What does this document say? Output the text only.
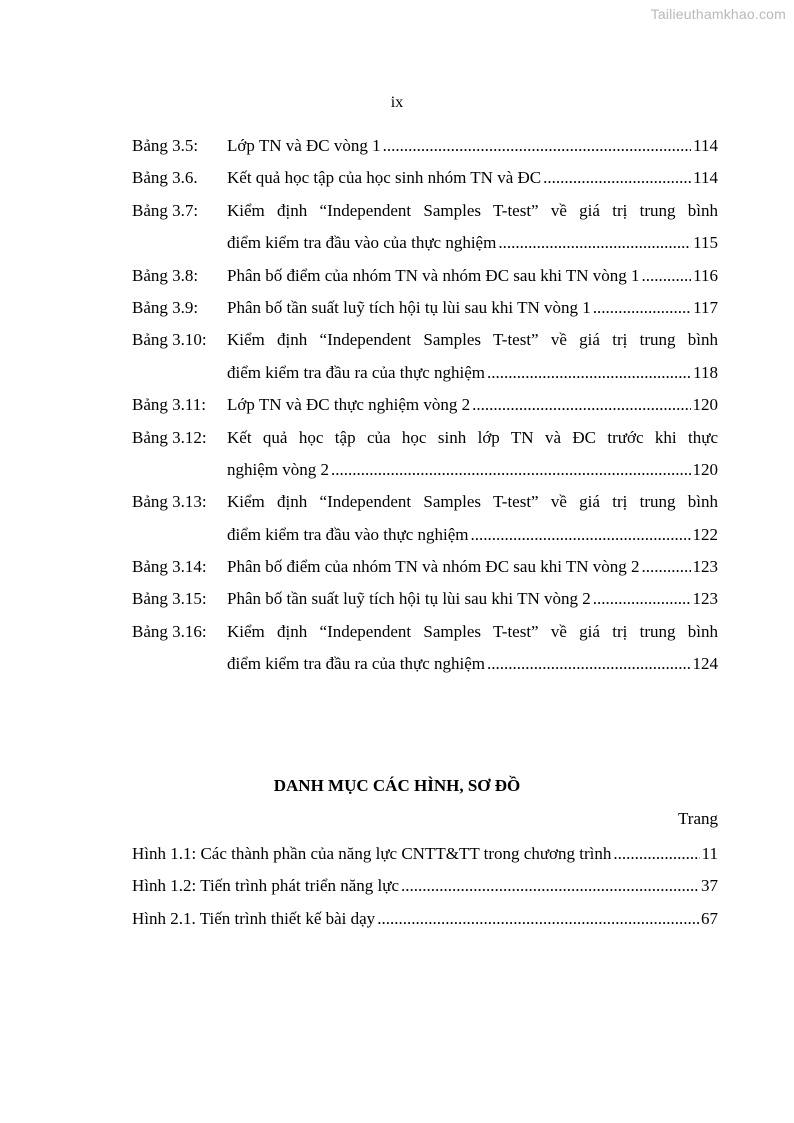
Tailieuthamkhao.com
ix
Bảng 3.5:	Lớp TN và ĐC vòng 1 .....	114
Bảng 3.6.	Kết quả học tập của học sinh nhóm TN và ĐC .....	114
Bảng 3.7:	Kiểm định “Independent Samples T-test” về giá trị trung bình
điểm kiểm tra đầu vào của thực nghiệm .....	115
Bảng 3.8:	Phân bố điểm của nhóm TN và nhóm ĐC sau khi TN vòng 1 .....	116
Bảng 3.9:	Phân bố tần suất luỹ tích hội tụ lùi sau khi TN vòng 1 .....	117
Bảng 3.10:	Kiểm định “Independent Samples T-test” về giá trị trung bình
điểm kiểm tra đầu ra của thực nghiệm .....	118
Bảng 3.11:	Lớp TN và ĐC thực nghiệm vòng 2 .....	120
Bảng 3.12:	Kết quả học tập của học sinh lớp TN và ĐC trước khi thực
nghiệm vòng 2 .....	120
Bảng 3.13:	Kiểm định “Independent Samples T-test” về giá trị trung bình
điểm kiểm tra đầu vào thực nghiệm .....	122
Bảng 3.14:	Phân bố điểm của nhóm TN và nhóm ĐC sau khi TN vòng 2 .....	123
Bảng 3.15:	Phân bố tần suất luỹ tích hội tụ lùi sau khi TN vòng 2 .....	123
Bảng 3.16:	Kiểm định “Independent Samples T-test” về giá trị trung bình
điểm kiểm tra đầu ra của thực nghiệm .....	124
DANH MỤC CÁC HÌNH, SƠ ĐỒ
Trang
Hình 1.1: Các thành phần của năng lực CNTT&TT trong chương trình .....	11
Hình 1.2: Tiến trình phát triển năng lực .....	37
Hình 2.1. Tiến trình thiết kế bài dạy .....	67
